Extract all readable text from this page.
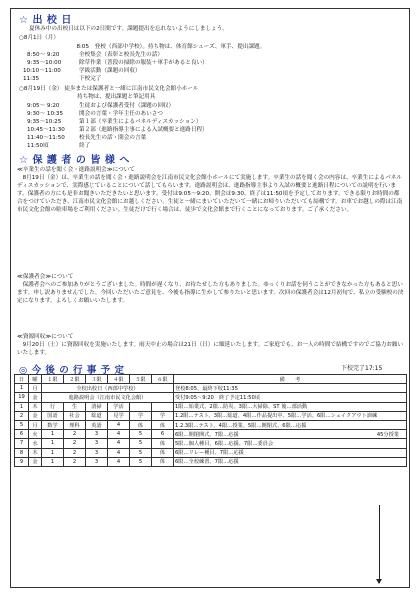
☆ 出 校 日
夏休み中の出校日は以下の2日間です。課題提出を忘れないようにしましょう。
○8月1日（月）
8:05 登校（西部中学校）。持ち物は、体育館シューズ、軍手、提出課題。
8:50〜 9:20	全校集会（表彰と校長先生の話）
9:35〜10:00	除草作業（普段の掃除の服装＋軍手があると良い）
10:10〜11:00	学級活動（課題の回収）
11:35	下校完了
○8月19日（金） 徒歩または保護者と一緒に江南市民文化会館小ホール
持ち物は、提出課題と筆記用具
9:05〜 9:20	生徒および保護者受付（課題の回収）
9:30〜 10:35	開会の言葉・学年主任のあいさつ
9:35〜10:25	第１部（卒業生によるパネルディスカッション）
10:45〜11:30	第２部（進路指導主事による入試概要と進路日程）
11:40〜11:50	校長先生の話・閉会の言葉
11:50頃	終了
☆ 保 護 者 の 皆 様 へ
≪卒業生の話を聞く会・進路説明会≫について
　8月19日（金）は、卒業生の話を聞く会・進路説明会を江南市民文化会館小ホールにて実施します。卒業生の話を聞く会の内容は、卒業生によるパネルディスカッションで、実際感じていることについて話してもらいます。進路説明会は、進路指導主事より入試の概要と進路日程についての説明を行います。保護者の方にも是非お聞きいただきたいと思います。受付は9:05〜9:20、開会は9:30、終了は11:50頃を予定しております。できる限りお時間の都合をつけていただき、江南市民文化会館にお越しください。生徒と一緒にまいていただいて一緒にお帰りいただいても結構です。お車でお越しの際は江南市民文化会館の駐車場をご利用ください。生徒だけで行く場合は、徒歩で文化会館まで行くことになっております。ご了承ください。
≪保護者会≫について
　保護者会へのご参加ありがとうございました。時間が遅くなり、お待たせした方もありました。ゆっくりお話を伺うことができなかった方もあると思います。申し訳ありませんでした。今回いただいたご意見を、今後も指導に生かして参りたいと思います。次回の保護者会は12月初旬で、私立の受験校の決定になります。よろしくお願いいたします。
≪資源回収≫について
　9月20日（土）に資源回収を実施いたします。雨天中止の場合は21日（日）に順延いたします。ご家庭でも、お一人の時間で結構ですのでご協力お願いいたします。
◎ 今 後 の 行 事 予 定	下校完了17:15
日	曜	１限	２限	３限	４限	５限	６限	備　　考
1	月	全校出校日（西部中学校）						登校8:05、最終下校11:35
19	金	進路説明会（江南市民文化会館）						受付9:05〜9:20　終了予定11:50頃
1	木	行	生	清掃	学活			1限…始業式、2限…防災、3限…大掃除、ST 後…部活動
2	金	国語	社会	総道	見学	学	学	1.2限…テスト、3限…総道、4限…作品提出中、5限…学活、6限…シェイクアウト訓練
5	月	数学	理科	英語	4	体	体	1.2.3限…テスト、4限…授業、5限…開閉式、6限…応援
6	火	1	2	3	4	5	6	6限…開閉開式、7限…応援 45分授業

7	水	1	2	3	4	5	体	5限…個人種目、6限…応援、7限…委員会
8	木	1	2	3	4	5	体	6限…リレー種目、7限…応援
9	金	1	2	3	4	5	体	6限…全校練習、7限…応援
